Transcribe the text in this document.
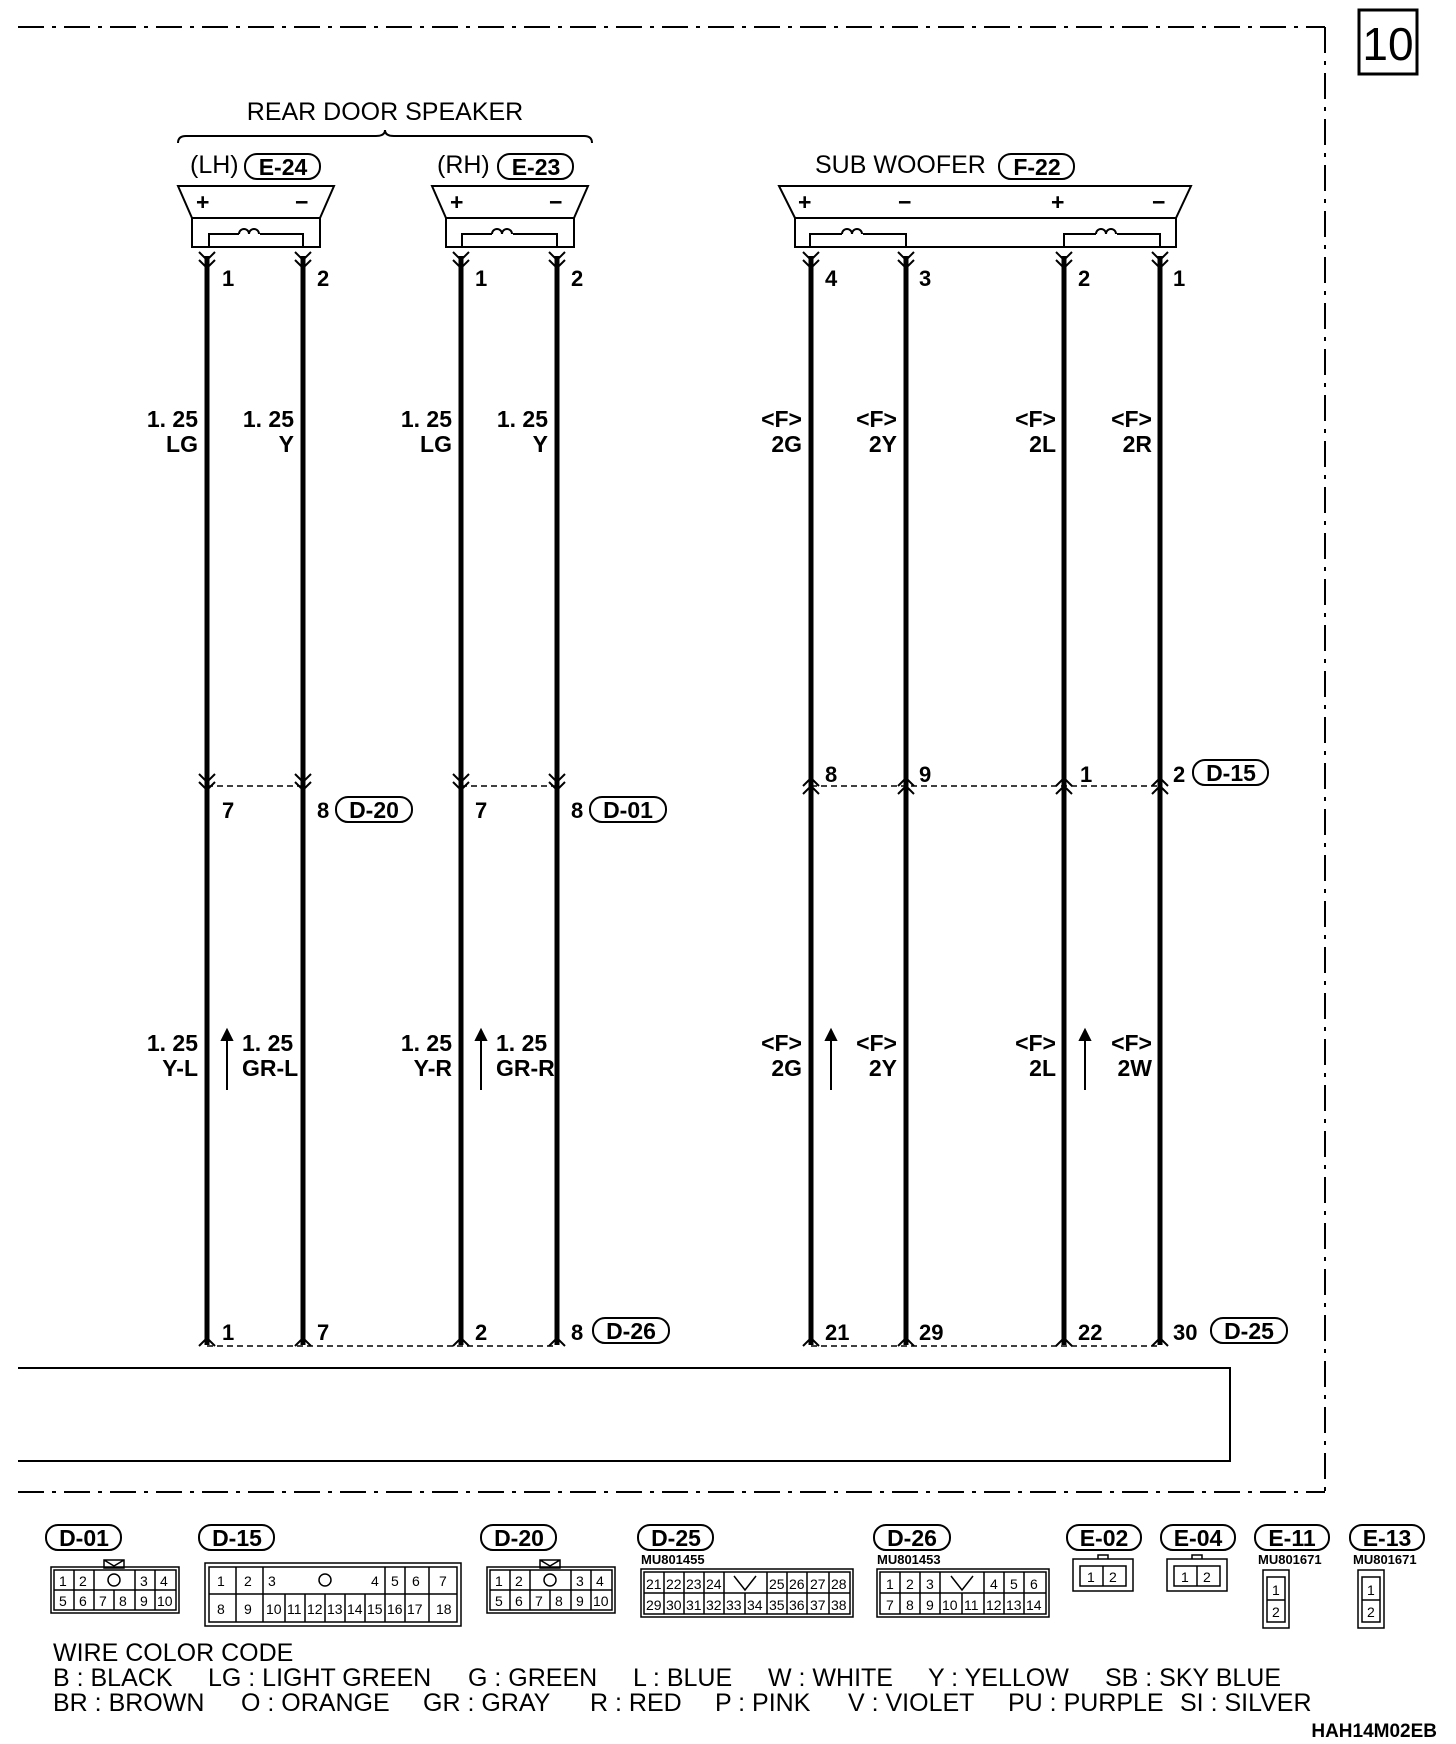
10
REAR DOOR SPEAKER
(LH) E-24	(RH) E-23
+	−	+	−
SUB WOOFER F-22
+	−	+	−
1	2	1	2	4	3	2	1
1. 25
LG
1. 25
Y
1. 25
LG
1. 25
Y
<F>
2G
<F>
2Y
<F>
2L
<F>
2R
7	8 D-20	7	8 D-01
8	9	1	2 D-15
1. 25
Y-L
1. 25
GR-L
1. 25
Y-R
1. 25
GR-R
<F>
2G
<F>
2Y
<F>
2L
<F>
2W
1	7	2	8 D-26	21	29	22	30 D-25
D-01
1 2	3 4
5 6 7 8 9 10
D-15
1 2 3	4 5 6 7
8 9 10 11 12 13 14 15 16 17 18
D-20
1 2	3 4
5 6 7 8 9 10
D-25
MU801455
21 22 23 24	25 26 27 28
29 30 31 32 33 34 35 36 37 38
D-26
MU801453
1 2 3	4 5 6
7 8 9 10 11 12 13 14
E-02
1 2
E-04
1 2
E-11
MU801671
1
2
E-13
MU801671
1
2
WIRE COLOR CODE
B : BLACK LG : LIGHT GREEN G : GREEN L : BLUE W : WHITE Y : YELLOW SB : SKY BLUE
BR : BROWN O : ORANGE GR : GRAY R : RED P : PINK V : VIOLET PU : PURPLE SI : SILVER
HAH14M02EB
